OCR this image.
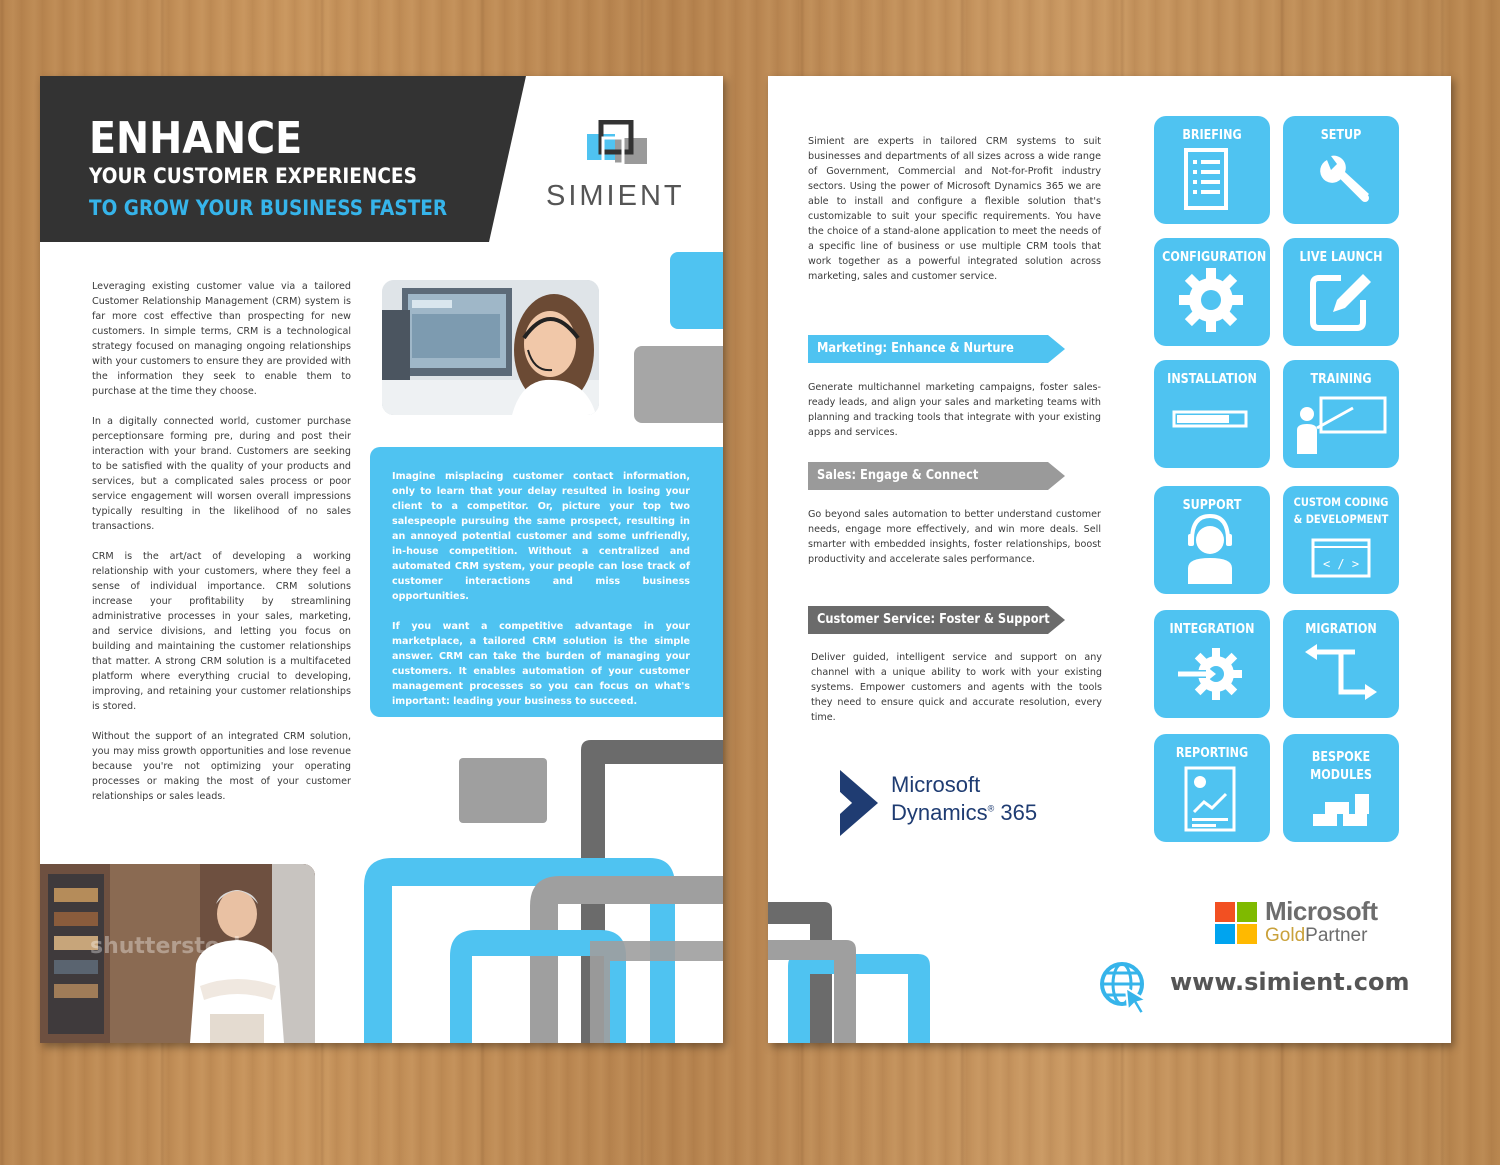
ENHANCE
YOUR CUSTOMER EXPERIENCES
TO GROW YOUR BUSINESS FASTER	SIMIENT

Leveraging existing customer value via a tailored Customer Relationship Management (CRM) system is far more cost effective than prospecting for new customers. In simple terms, CRM is a technological strategy focused on managing ongoing relationships with your customers to ensure they are provided with the information they seek to enable them to purchase at the time they choose.

In a digitally connected world, customer purchase perceptionsare forming pre, during and post their interaction with your brand. Customers are seeking to be satisfied with the quality of your products and services, but a complicated sales process or poor service engagement will worsen overall impressions typically resulting in the likelihood of no sales transactions.

CRM is the art/act of developing a working relationship with your customers, where they feel a sense of individual importance. CRM solutions increase your profitability by streamlining administrative processes in your sales, marketing, and service divisions, and letting you focus on building and maintaining the customer relationships that matter. A strong CRM solution is a multifaceted platform where everything crucial to developing, improving, and retaining your customer relationships is stored.

Without the support of an integrated CRM solution, you may miss growth opportunities and lose revenue because you're not optimizing your operating processes or making the most of your customer relationships or sales leads.

Imagine misplacing customer contact information, only to learn that your delay resulted in losing your client to a competitor. Or, picture your top two salespeople pursuing the same prospect, resulting in an annoyed potential customer and some unfriendly, in-house competition. Without a centralized and automated CRM system, your people can lose track of customer interactions and miss business opportunities.

If you want a competitive advantage in your marketplace, a tailored CRM solution is the simple answer. CRM can take the burden of managing your customers. It enables automation of your customer management processes so you can focus on what's important: leading your business to succeed.

shutterstock
Simient are experts in tailored CRM systems to suit businesses and departments of all sizes across a wide range of Government, Commercial and Not-for-Profit industry sectors. Using the power of Microsoft Dynamics 365 we are able to install and configure a flexible solution that's customizable to suit your specific requirements. You have the choice of a stand-alone application to meet the needs of a specific line of business or use multiple CRM tools that work together as a powerful integrated solution across marketing, sales and customer service.
Marketing: Enhance & Nurture
Generate multichannel marketing campaigns, foster sales-ready leads, and align your sales and marketing teams with planning and tracking tools that integrate with your existing apps and services.
Sales: Engage & Connect
Go beyond sales automation to better understand customer needs, engage more effectively, and win more deals. Sell smarter with embedded insights, foster relationships, boost productivity and accelerate sales performance.
Customer Service: Foster & Support
Deliver guided, intelligent service and support on any channel with a unique ability to work with your existing systems. Empower customers and agents with the tools they need to ensure quick and accurate resolution, every time.
Microsoft
Dynamics® 365
BRIEFING	SETUP
CONFIGURATION	LIVE LAUNCH
INSTALLATION	TRAINING
SUPPORT	CUSTOM CODING & DEVELOPMENT
< / >
INTEGRATION	MIGRATION
REPORTING	BESPOKE MODULES
Microsoft
GoldPartner
www.simient.com
